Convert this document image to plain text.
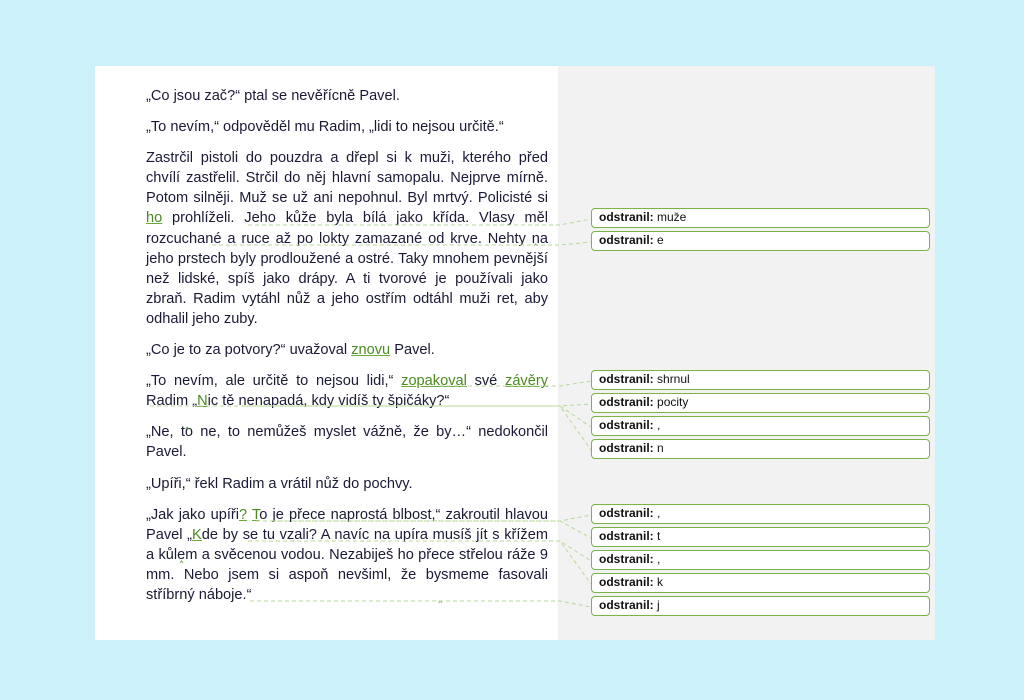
„Co jsou zač?“ ptal se nevěřícně Pavel.

„To nevím,“ odpověděl mu Radim, „lidi to nejsou určitě.“

Zastrčil pistoli do pouzdra a dřepl si k muži, kterého před chvílí zastřelil. Strčil do něj hlavní samopalu. Nejprve mírně. Potom silněji. Muž se už ani nepohnul. Byl mrtvý. Policisté si ho prohlíželi. Jeho kůže byla bílá jako křída. Vlasy měl rozcuchané a ruce až po lokty zamazané od krve. Nehty na jeho prstech byly prodloužené a ostré. Taky mnohem pevnější než lidské, spíš jako drápy. A ti tvorové je používali jako zbraň. Radim vytáhl nůž a jeho ostřím odtáhl muži ret, aby odhalil jeho zuby.

„Co je to za potvory?“ uvažoval znovu Pavel.

„To nevím, ale určitě to nejsou lidi,“ zopakoval své závěry Radim „Nic tě nenapadá, kdy vidíš ty špičáky?“

„Ne, to ne, to nemůžeš myslet vážně, že by…“ nedokončil Pavel.

„Upíři,“ řekl Radim a vrátil nůž do pochvy.

„Jak jako upíři? To je přece naprostá blbost,“ zakroutil hlavou Pavel „Kde by se tu vzali? A navíc na upíra musíš jít s křížem a kůlem a svěcenou vodou. Nezabiješ ho přece střelou ráže 9 mm. Nebo jsem si aspoň nevšiml, že bysmeme fasovali stříbrný náboje.“

odstranil: muže
odstranil: e
odstranil: shrnul
odstranil: pocity
odstranil: ,
odstranil: n
odstranil: ,
odstranil: t
odstranil: ,
odstranil: k
odstranil: j
